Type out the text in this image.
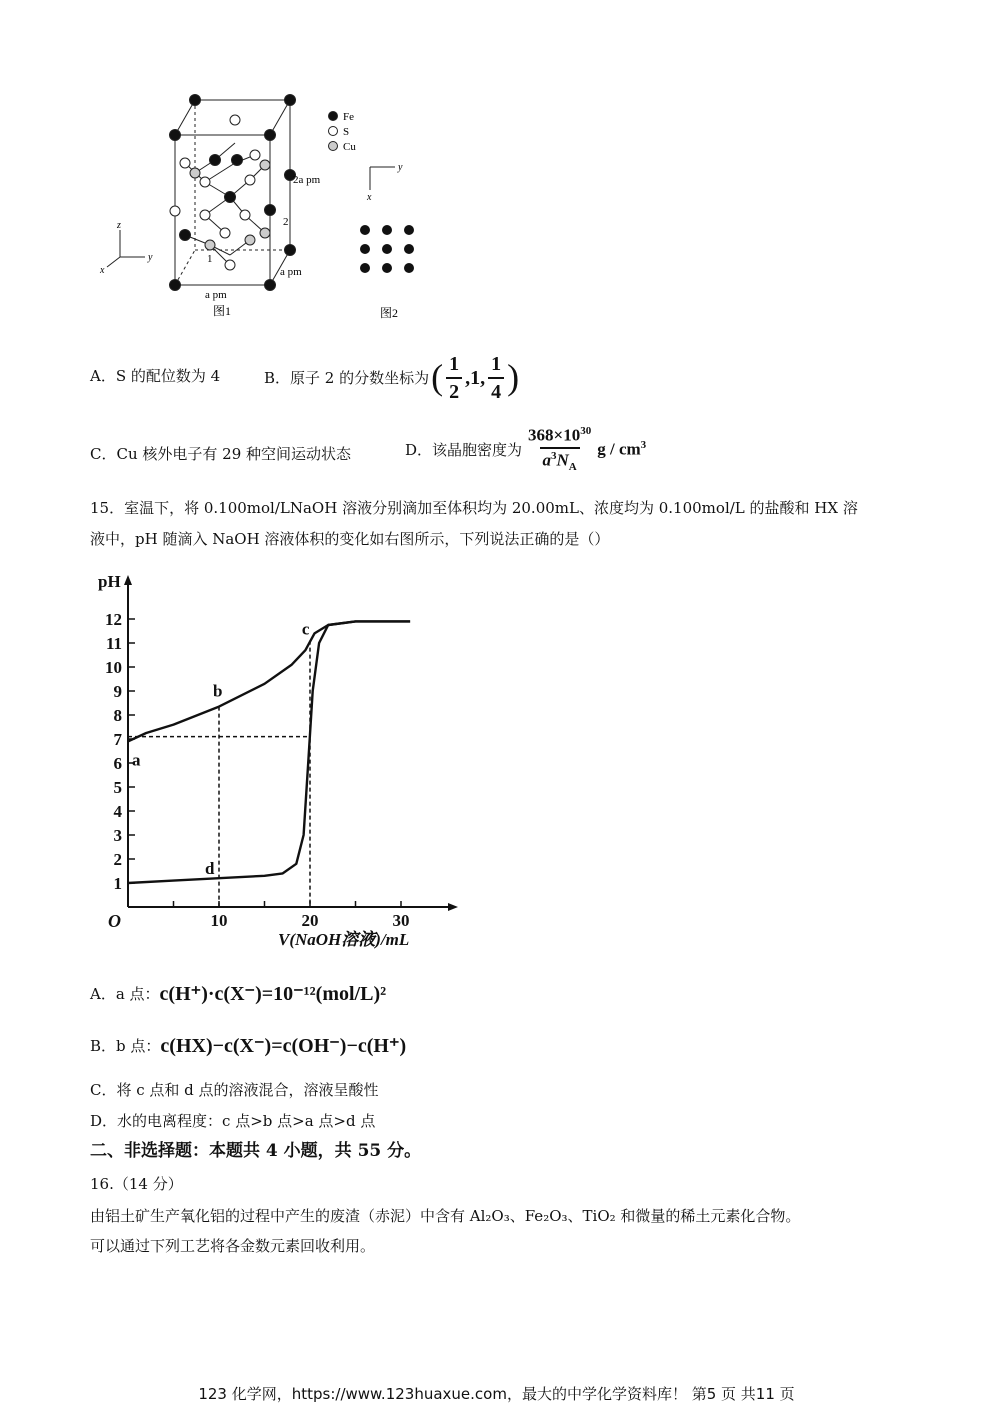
2a pm
a pm
a pm
2
1
图1
z
y
x
Fe
S
Cu
y
x
图2
A．S 的配位数为 4	B．原子 2 的分数坐标为 ( $\frac{1}{2} ,1$, $\frac{1}{4}$ )
C．Cu 核外电子有 29 种空间运动状态	D．该晶胞密度为 $\frac{368\times 10^{30}}{a^3N_A}$ g / $cm^3$
15．室温下，将 0.100mol/LNaOH 溶液分别滴加至体积均为 20.00mL、浓度均为 0.100mol/L 的盐酸和 HX 溶
液中，pH 随滴入 NaOH 溶液体积的变化如右图所示，下列说法正确的是（）
1
2
3
4
5
6
7
8
9
10
11
12
10	20	30
O
pH
V(NaOH溶液)/mL
a
b
c
d
A．a 点： c(H⁺)·c(X⁻)=10⁻¹²(mol/L)²
B．b 点： c(HX)−c(X⁻)=c(OH⁻)−c(H⁺)
C．将 c 点和 d 点的溶液混合，溶液呈酸性
D．水的电离程度：c 点>b 点>a 点>d 点
二、非选择题：本题共 4 小题，共 55 分。
16.（14 分）
由铝土矿生产氧化铝的过程中产生的废渣（赤泥）中含有 Al₂O₃、Fe₂O₃、TiO₂ 和微量的稀土元素化合物。
可以通过下列工艺将各金数元素回收利用。
123 化学网，https://www.123huaxue.com，最大的中学化学资料库！ 第5 页 共11 页
